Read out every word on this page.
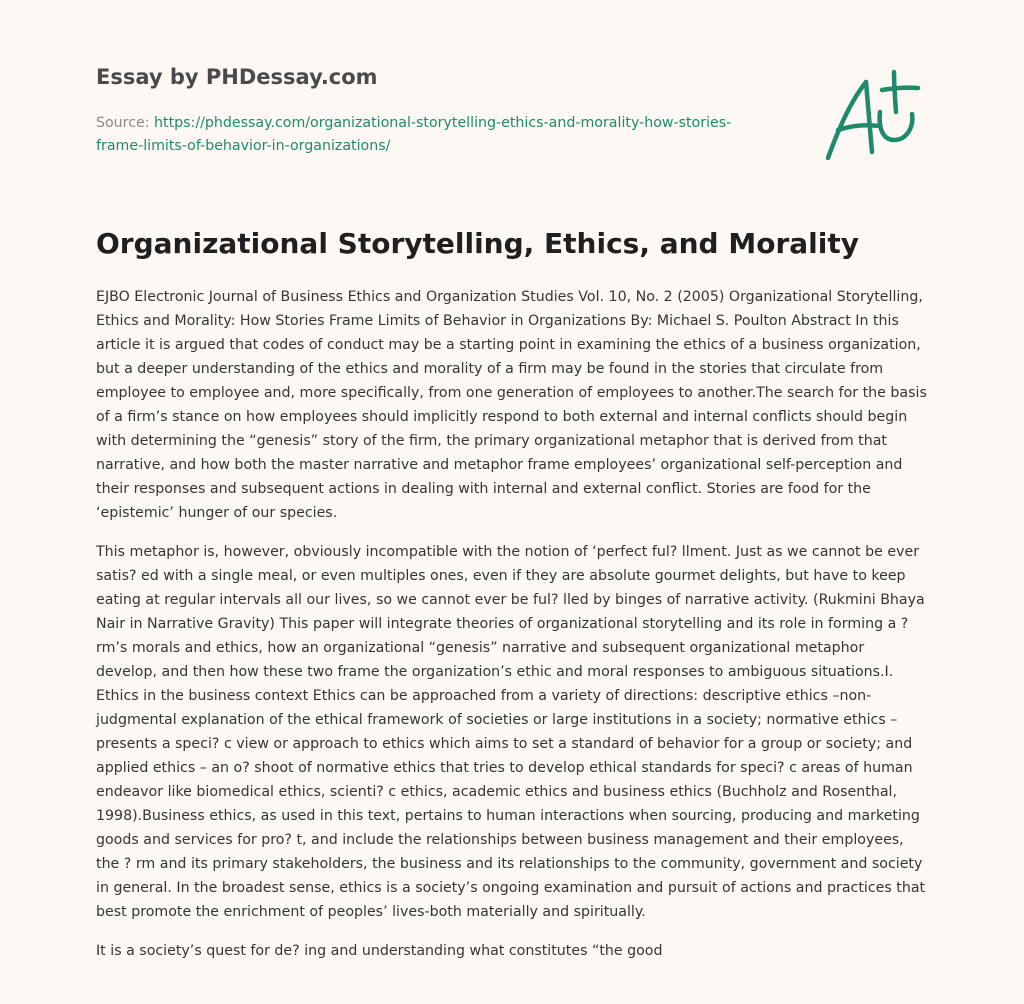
Essay by PHDessay.com
Source: https://phdessay.com/organizational-storytelling-ethics-and-morality-how-stories-frame-limits-of-behavior-in-organizations/
Organizational Storytelling, Ethics, and Morality

EJBO Electronic Journal of Business Ethics and Organization Studies Vol. 10, No. 2 (2005) Organizational Storytelling, Ethics and Morality: How Stories Frame Limits of Behavior in Organizations By: Michael S. Poulton Abstract In this article it is argued that codes of conduct may be a starting point in examining the ethics of a business organization, but a deeper understanding of the ethics and morality of a firm may be found in the stories that circulate from employee to employee and, more specifically, from one generation of employees to another.The search for the basis of a firm’s stance on how employees should implicitly respond to both external and internal conflicts should begin with determining the “genesis” story of the firm, the primary organizational metaphor that is derived from that narrative, and how both the master narrative and metaphor frame employees’ organizational self-perception and their responses and subsequent actions in dealing with internal and external conflict. Stories are food for the ‘epistemic’ hunger of our species.

This metaphor is, however, obviously incompatible with the notion of ‘perfect ful? llment. Just as we cannot be ever satis? ed with a single meal, or even multiples ones, even if they are absolute gourmet delights, but have to keep eating at regular intervals all our lives, so we cannot ever be ful? lled by binges of narrative activity. (Rukmini Bhaya Nair in Narrative Gravity) This paper will integrate theories of organizational storytelling and its role in forming a ? rm’s morals and ethics, how an organizational “genesis” narrative and subsequent organizational metaphor develop, and then how these two frame the organization’s ethic and moral responses to ambiguous situations.I. Ethics in the business context Ethics can be approached from a variety of directions: descriptive ethics –non-judgmental explanation of the ethical framework of societies or large institutions in a society; normative ethics – presents a speci? c view or approach to ethics which aims to set a standard of behavior for a group or society; and applied ethics – an o? shoot of normative ethics that tries to develop ethical standards for speci? c areas of human endeavor like biomedical ethics, scienti? c ethics, academic ethics and business ethics (Buchholz and Rosenthal, 1998).Business ethics, as used in this text, pertains to human interactions when sourcing, producing and marketing goods and services for pro? t, and include the relationships between business management and their employees, the ? rm and its primary stakeholders, the business and its relationships to the community, government and society in general. In the broadest sense, ethics is a society’s ongoing examination and pursuit of actions and practices that best promote the enrichment of peoples’ lives-both materially and spiritually.

It is a society’s quest for de? ing and understanding what constitutes “the good
